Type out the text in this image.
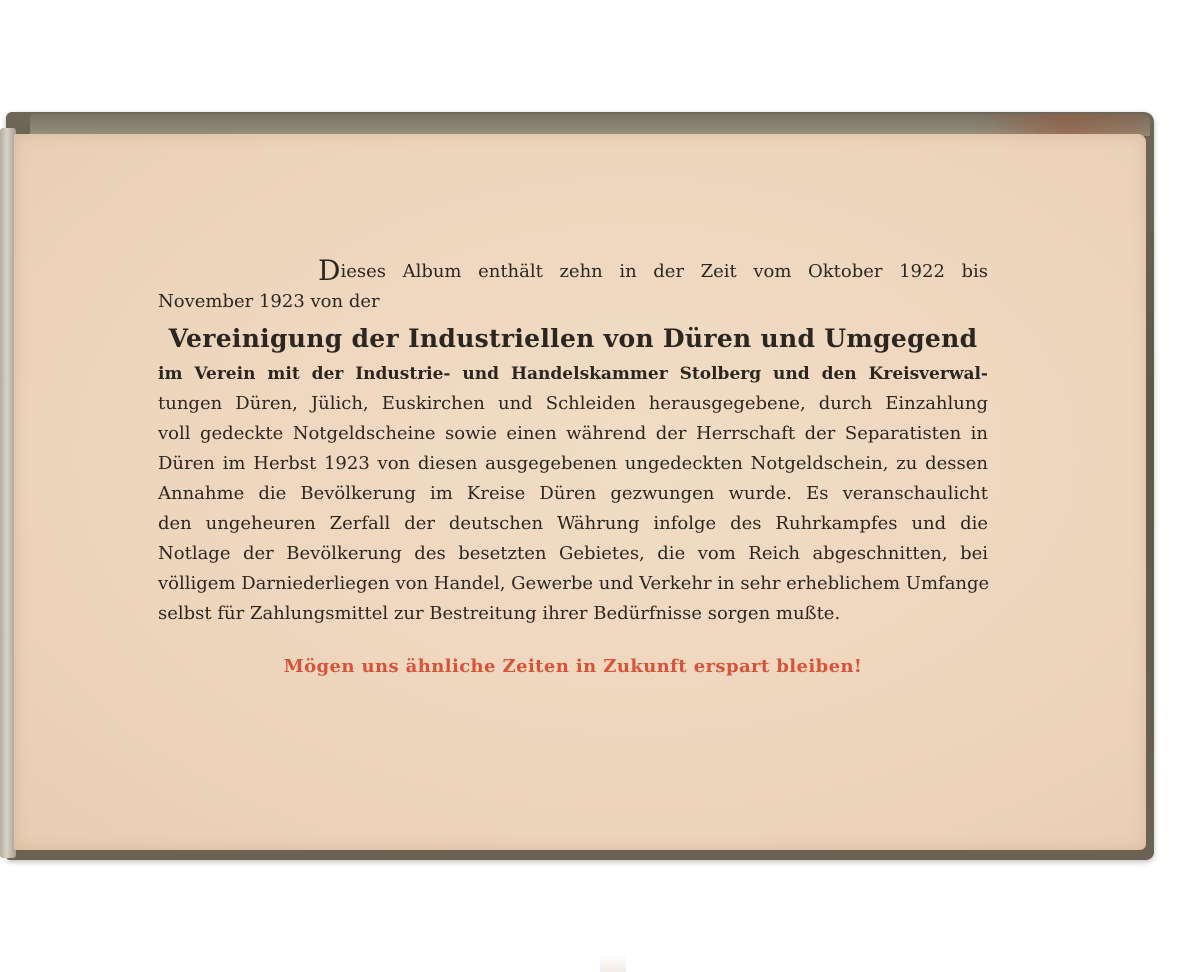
Dieses Album enthält zehn in der Zeit vom Oktober 1922 bis
November 1923 von der
Vereinigung der Industriellen von Düren und Umgegend
im Verein mit der Industrie- und Handelskammer Stolberg und den Kreisverwal-
tungen Düren, Jülich, Euskirchen und Schleiden herausgegebene, durch Einzahlung
voll gedeckte Notgeldscheine sowie einen während der Herrschaft der Separatisten in
Düren im Herbst 1923 von diesen ausgegebenen ungedeckten Notgeldschein, zu dessen
Annahme die Bevölkerung im Kreise Düren gezwungen wurde. Es veranschaulicht
den ungeheuren Zerfall der deutschen Währung infolge des Ruhrkampfes und die
Notlage der Bevölkerung des besetzten Gebietes, die vom Reich abgeschnitten, bei
völligem Darniederliegen von Handel, Gewerbe und Verkehr in sehr erheblichem Umfange
selbst für Zahlungsmittel zur Bestreitung ihrer Bedürfnisse sorgen mußte.
Mögen uns ähnliche Zeiten in Zukunft erspart bleiben!
